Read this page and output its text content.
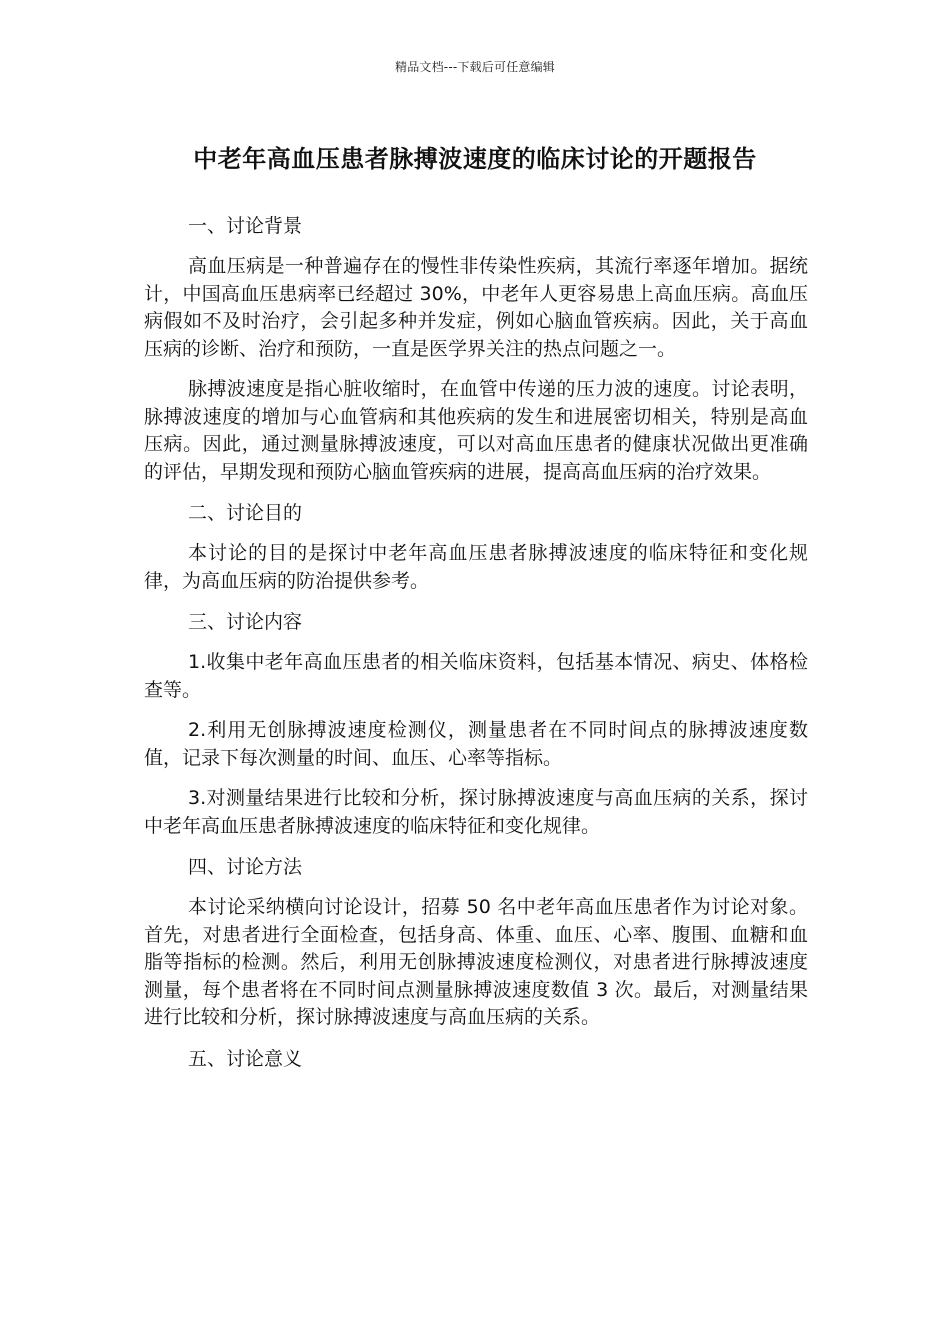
精品文档---下载后可任意编辑
中老年高血压患者脉搏波速度的临床讨论的开题报告

一、讨论背景

高血压病是一种普遍存在的慢性非传染性疾病，其流行率逐年增加。据统计，中国高血压患病率已经超过 30%，中老年人更容易患上高血压病。高血压病假如不及时治疗，会引起多种并发症，例如心脑血管疾病。因此，关于高血压病的诊断、治疗和预防，一直是医学界关注的热点问题之一。

脉搏波速度是指心脏收缩时，在血管中传递的压力波的速度。讨论表明，脉搏波速度的增加与心血管病和其他疾病的发生和进展密切相关，特别是高血压病。因此，通过测量脉搏波速度，可以对高血压患者的健康状况做出更准确的评估，早期发现和预防心脑血管疾病的进展，提高高血压病的治疗效果。

二、讨论目的

本讨论的目的是探讨中老年高血压患者脉搏波速度的临床特征和变化规律，为高血压病的防治提供参考。

三、讨论内容

1.收集中老年高血压患者的相关临床资料，包括基本情况、病史、体格检查等。

2.利用无创脉搏波速度检测仪，测量患者在不同时间点的脉搏波速度数值，记录下每次测量的时间、血压、心率等指标。

3.对测量结果进行比较和分析，探讨脉搏波速度与高血压病的关系，探讨中老年高血压患者脉搏波速度的临床特征和变化规律。

四、讨论方法

本讨论采纳横向讨论设计，招募 50 名中老年高血压患者作为讨论对象。首先，对患者进行全面检查，包括身高、体重、血压、心率、腹围、血糖和血脂等指标的检测。然后，利用无创脉搏波速度检测仪，对患者进行脉搏波速度测量，每个患者将在不同时间点测量脉搏波速度数值 3 次。最后，对测量结果进行比较和分析，探讨脉搏波速度与高血压病的关系。

五、讨论意义
